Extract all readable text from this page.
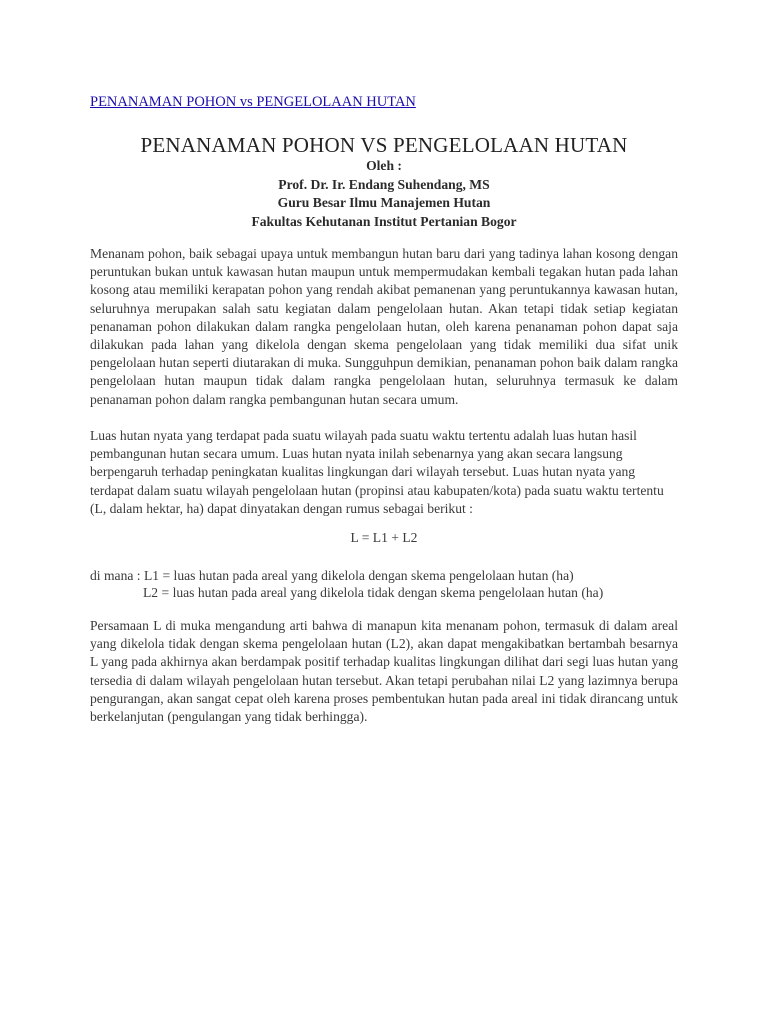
PENANAMAN POHON vs PENGELOLAAN HUTAN
PENANAMAN POHON VS PENGELOLAAN HUTAN
Oleh :
Prof. Dr. Ir. Endang Suhendang, MS
Guru Besar Ilmu Manajemen Hutan
Fakultas Kehutanan Institut Pertanian Bogor

Menanam pohon, baik sebagai upaya untuk membangun hutan baru dari yang tadinya lahan kosong dengan peruntukan bukan untuk kawasan hutan maupun untuk mempermudakan kembali tegakan hutan pada lahan kosong atau memiliki kerapatan pohon yang rendah akibat pemanenan yang peruntukannya kawasan hutan, seluruhnya merupakan salah satu kegiatan dalam pengelolaan hutan. Akan tetapi tidak setiap kegiatan penanaman pohon dilakukan dalam rangka pengelolaan hutan, oleh karena penanaman pohon dapat saja dilakukan pada lahan yang dikelola dengan skema pengelolaan yang tidak memiliki dua sifat unik pengelolaan hutan seperti diutarakan di muka. Sungguhpun demikian, penanaman pohon baik dalam rangka pengelolaan hutan maupun tidak dalam rangka pengelolaan hutan, seluruhnya termasuk ke dalam penanaman pohon dalam rangka pembangunan hutan secara umum.

Luas hutan nyata yang terdapat pada suatu wilayah pada suatu waktu tertentu adalah luas hutan hasil pembangunan hutan secara umum. Luas hutan nyata inilah sebenarnya yang akan secara langsung berpengaruh terhadap peningkatan kualitas lingkungan dari wilayah tersebut. Luas hutan nyata yang terdapat dalam suatu wilayah pengelolaan hutan (propinsi atau kabupaten/kota) pada suatu waktu tertentu (L, dalam hektar, ha) dapat dinyatakan dengan rumus sebagai berikut :

L = L1 + L2
di mana : L1 = luas hutan pada areal yang dikelola dengan skema pengelolaan hutan (ha)
L2 = luas hutan pada areal yang dikelola tidak dengan skema pengelolaan hutan (ha)

Persamaan L di muka mengandung arti bahwa di manapun kita menanam pohon, termasuk di dalam areal yang dikelola tidak dengan skema pengelolaan hutan (L2), akan dapat mengakibatkan bertambah besarnya L yang pada akhirnya akan berdampak positif terhadap kualitas lingkungan dilihat dari segi luas hutan yang tersedia di dalam wilayah pengelolaan hutan tersebut. Akan tetapi perubahan nilai L2 yang lazimnya berupa pengurangan, akan sangat cepat oleh karena proses pembentukan hutan pada areal ini tidak dirancang untuk berkelanjutan (pengulangan yang tidak berhingga).
